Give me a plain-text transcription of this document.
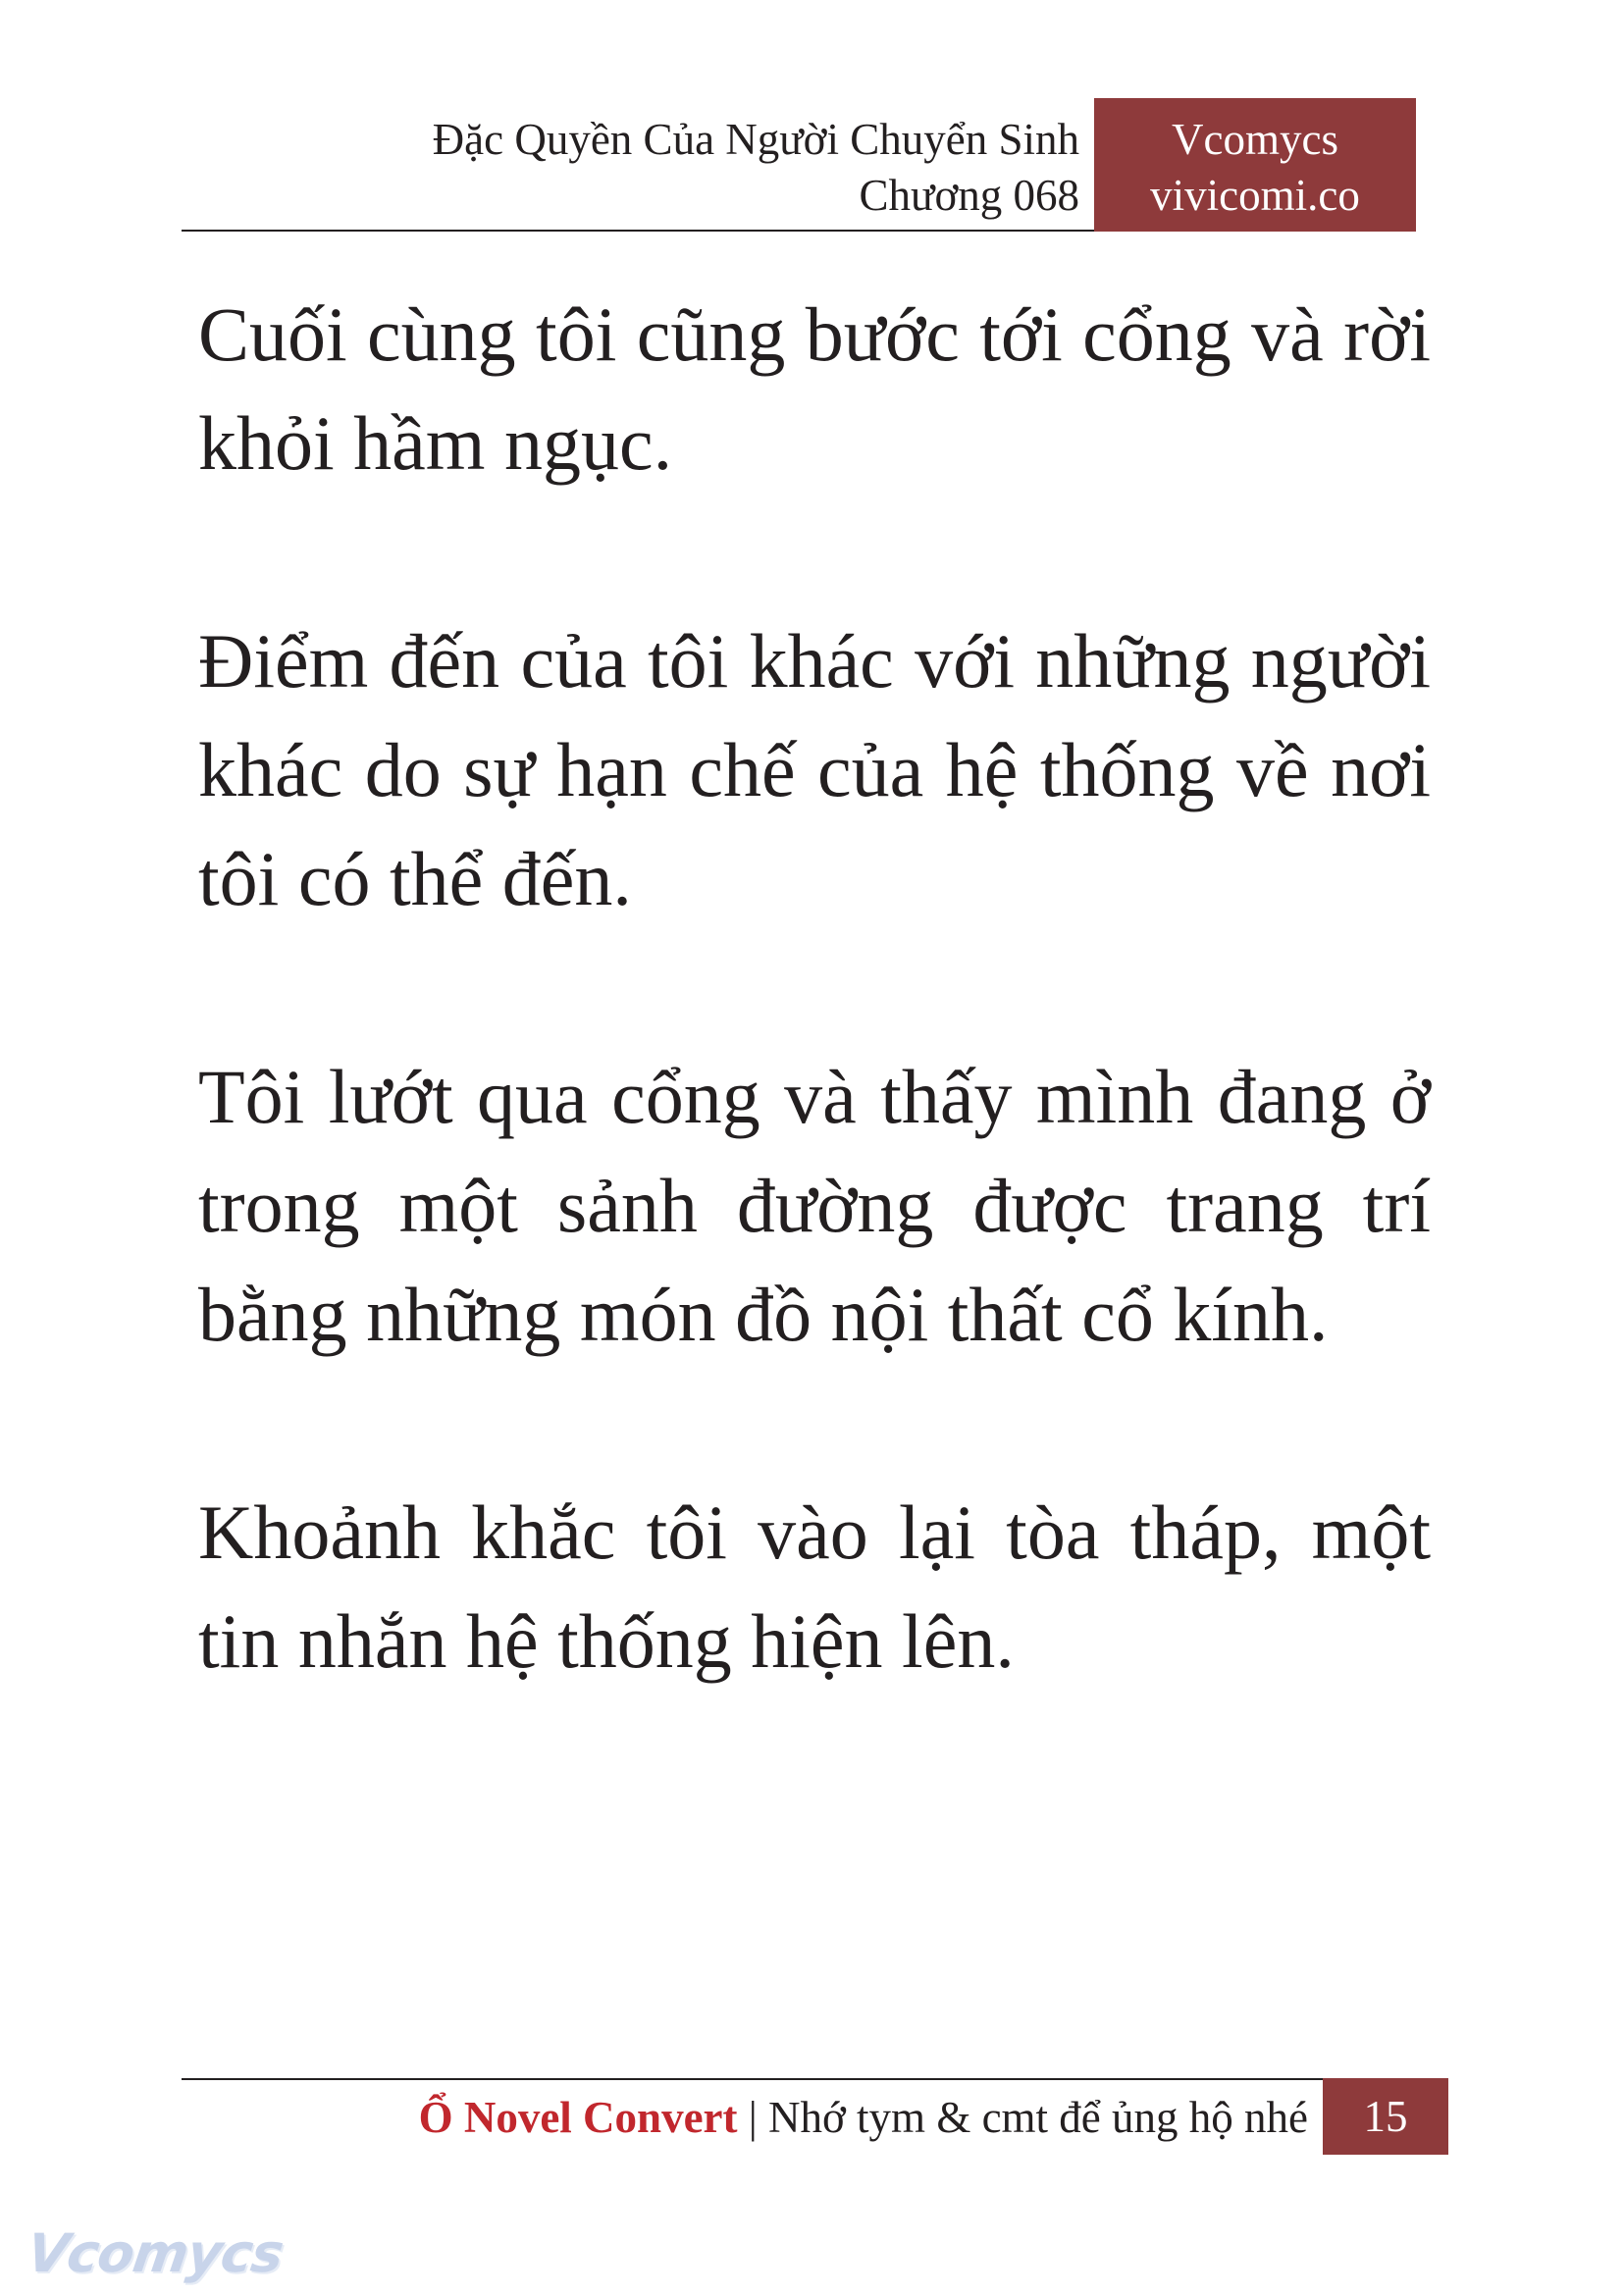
Đặc Quyền Của Người Chuyển Sinh
Chương 068
Vcomycs
vivicomi.co

Cuối cùng tôi cũng bước tới cổng và rời khỏi hầm ngục.

Điểm đến của tôi khác với những người khác do sự hạn chế của hệ thống về nơi tôi có thể đến.

Tôi lướt qua cổng và thấy mình đang ở trong một sảnh đường được trang trí bằng những món đồ nội thất cổ kính.

Khoảnh khắc tôi vào lại tòa tháp, một tin nhắn hệ thống hiện lên.

Ổ Novel Convert | Nhớ tym & cmt để ủng hộ nhé	15
Vcomycs
